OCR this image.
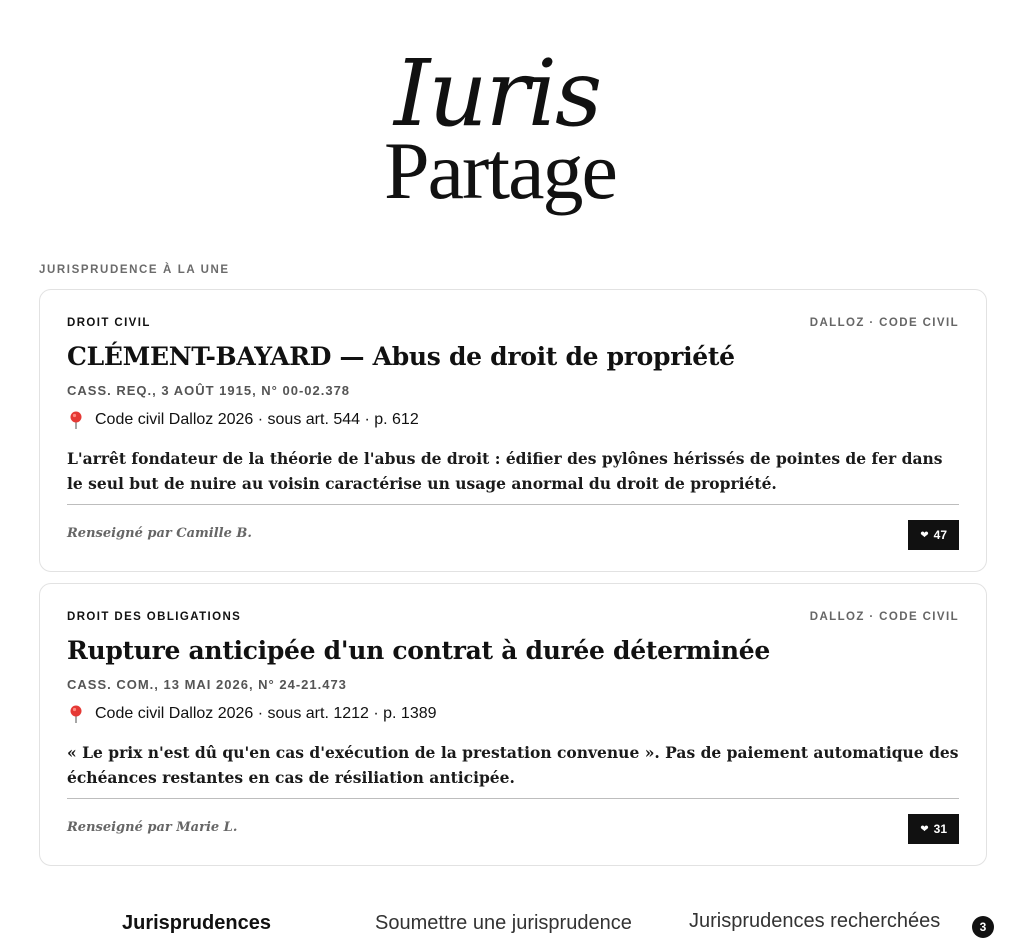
Iuris
Partage
JURISPRUDENCE À LA UNE
DROIT CIVIL	DALLOZ · CODE CIVIL
CLÉMENT-BAYARD — Abus de droit de propriété
CASS. REQ., 3 AOÛT 1915, N° 00-02.378
Code civil Dalloz 2026 · sous art. 544 · p. 612
L'arrêt fondateur de la théorie de l'abus de droit : édifier des pylônes hérissés de pointes de fer dans le seul but de nuire au voisin caractérise un usage anormal du droit de propriété.
Renseigné par Camille B.	❤ 47
DROIT DES OBLIGATIONS	DALLOZ · CODE CIVIL
Rupture anticipée d'un contrat à durée déterminée
CASS. COM., 13 MAI 2026, N° 24-21.473
Code civil Dalloz 2026 · sous art. 1212 · p. 1389
« Le prix n'est dû qu'en cas d'exécution de la prestation convenue ». Pas de paiement automatique des échéances restantes en cas de résiliation anticipée.
Renseigné par Marie L.	❤ 31
Jurisprudences	Soumettre une jurisprudence	Jurisprudences recherchées	3
